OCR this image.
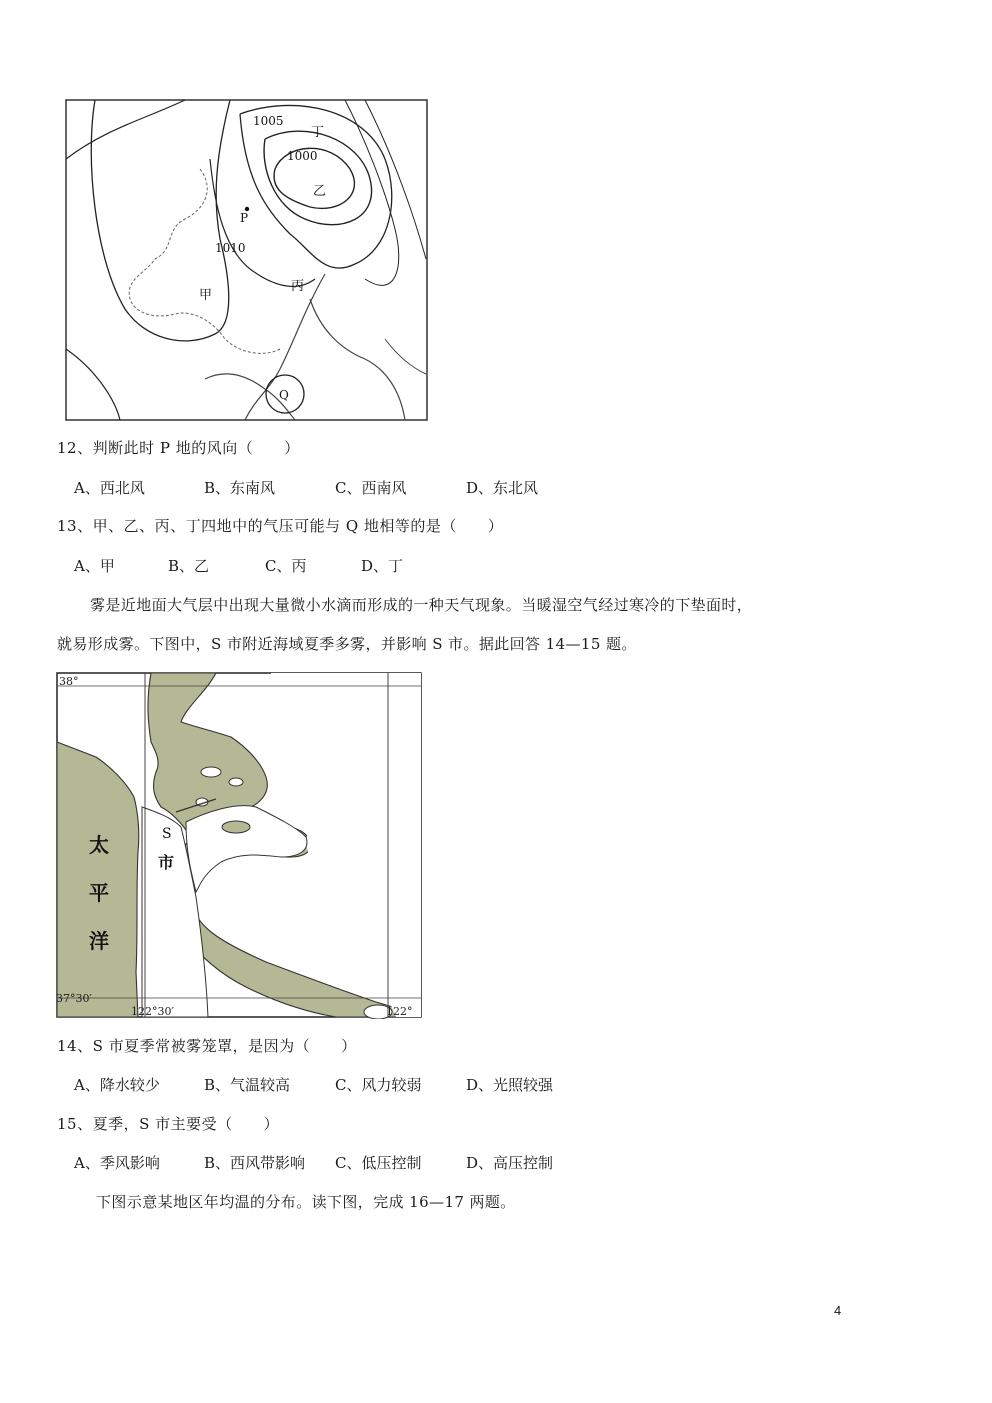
1005
1000
1010
丁
乙
P
甲
丙
Q
12、判断此时 P 地的风向（　　）
A、西北风	B、东南风	C、西南风	D、东北风
13、甲、乙、丙、丁四地中的气压可能与 Q 地相等的是（　　）
A、甲	B、乙	C、丙	D、丁
雾是近地面大气层中出现大量微小水滴而形成的一种天气现象。当暖湿空气经过寒冷的下垫面时，
就易形成雾。下图中，S 市附近海域夏季多雾，并影响 S 市。据此回答 14—15 题。
38°
37°30′
122°30′	122°
太
平
洋
S
市
14、S 市夏季常被雾笼罩，是因为（　　）
A、降水较少	B、气温较高	C、风力较弱	D、光照较强
15、夏季，S 市主要受（　　）
A、季风影响	B、西风带影响 C、低压控制	D、高压控制
下图示意某地区年均温的分布。读下图，完成 16—17 两题。
4
